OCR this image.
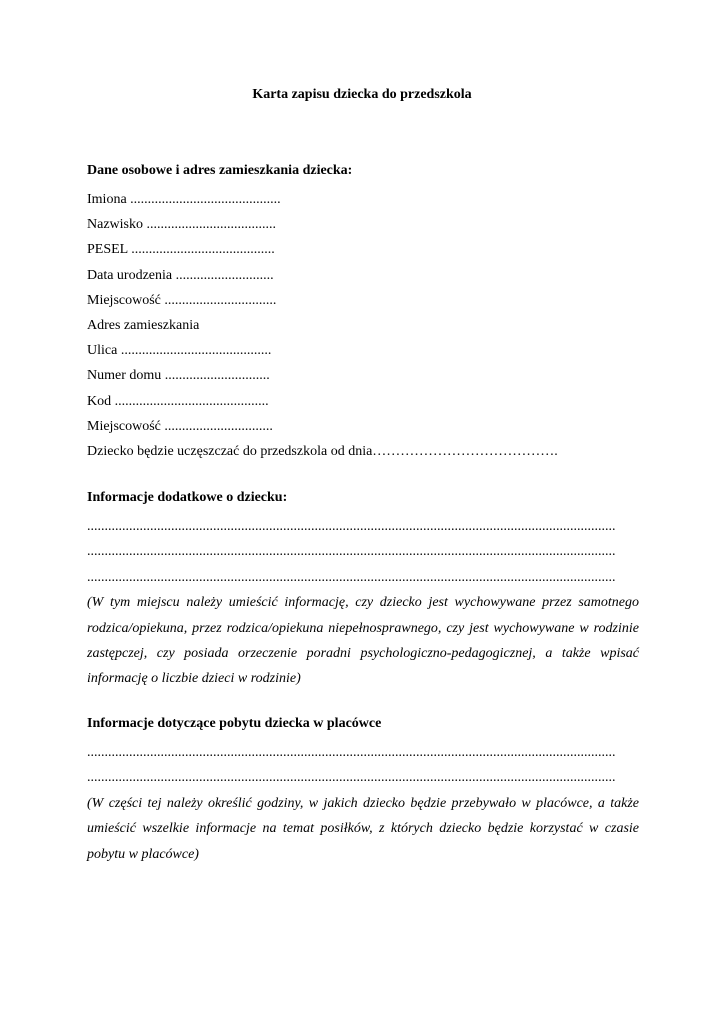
Karta zapisu dziecka do przedszkola
Dane osobowe i adres zamieszkania dziecka:
Imiona ...........................................
Nazwisko .....................................
PESEL .........................................
Data urodzenia ............................
Miejscowość ................................
Adres zamieszkania
Ulica ...........................................
Numer domu ..............................
Kod ............................................
Miejscowość ...............................
Dziecko będzie uczęszczać do przedszkola od dnia………………………………….
Informacje dodatkowe o dziecku:
.......................................................................................................................................................
.......................................................................................................................................................
.......................................................................................................................................................

(W tym miejscu należy umieścić informację, czy dziecko jest wychowywane przez samotnego rodzica/opiekuna, przez rodzica/opiekuna niepełnosprawnego, czy jest wychowywane w rodzinie zastępczej, czy posiada orzeczenie poradni psychologiczno-pedagogicznej, a także wpisać informację o liczbie dzieci w rodzinie)

Informacje dotyczące pobytu dziecka w placówce
.......................................................................................................................................................
.......................................................................................................................................................

(W części tej należy określić godziny, w jakich dziecko będzie przebywało w placówce, a także umieścić wszelkie informacje na temat posiłków, z których dziecko będzie korzystać w czasie pobytu w placówce)
